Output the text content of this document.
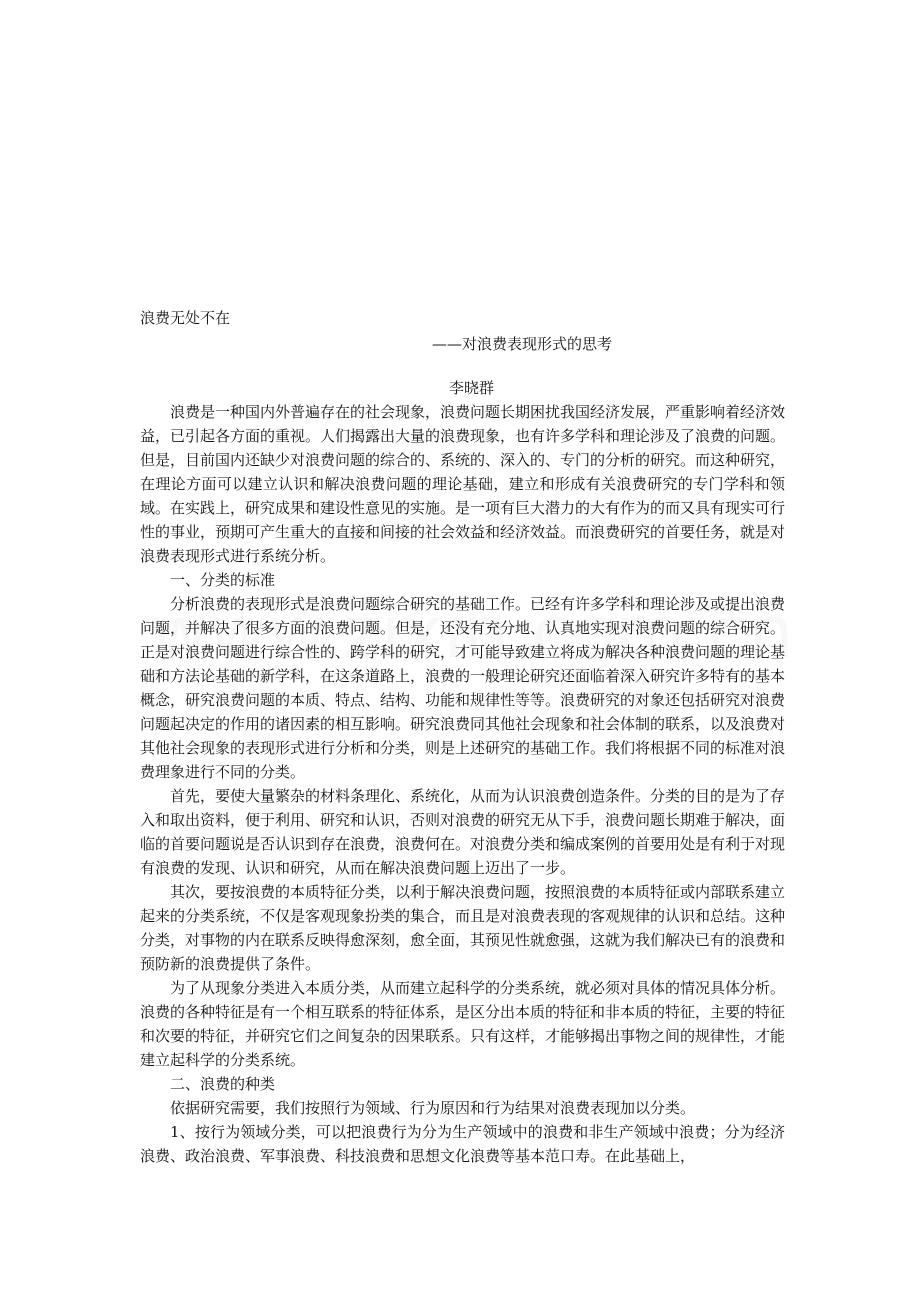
浪费无处不在

——对浪费表现形式的思考

李晓群

浪费是一种国内外普遍存在的社会现象，浪费问题长期困扰我国经济发展，严重影响着经济效益，已引起各方面的重视。人们揭露出大量的浪费现象，也有许多学科和理论涉及了浪费的问题。但是，目前国内还缺少对浪费问题的综合的、系统的、深入的、专门的分析的研究。而这种研究，在理论方面可以建立认识和解决浪费问题的理论基础，建立和形成有关浪费研究的专门学科和领域。在实践上，研究成果和建设性意见的实施。是一项有巨大潜力的大有作为的而又具有现实可行性的事业，预期可产生重大的直接和间接的社会效益和经济效益。而浪费研究的首要任务，就是对浪费表现形式进行系统分析。

一、分类的标准

分析浪费的表现形式是浪费问题综合研究的基础工作。已经有许多学科和理论涉及或提出浪费问题，并解决了很多方面的浪费问题。但是，还没有充分地、认真地实现对浪费问题的综合研究。正是对浪费问题进行综合性的、跨学科的研究，才可能导致建立将成为解决各种浪费问题的理论基础和方法论基础的新学科，在这条道路上，浪费的一般理论研究还面临着深入研究许多特有的基本概念，研究浪费问题的本质、特点、结构、功能和规律性等等。浪费研究的对象还包括研究对浪费问题起决定的作用的诸因素的相互影响。研究浪费同其他社会现象和社会体制的联系，以及浪费对其他社会现象的表现形式进行分析和分类，则是上述研究的基础工作。我们将根据不同的标准对浪费理象进行不同的分类。

首先，要使大量繁杂的材料条理化、系统化，从而为认识浪费创造条件。分类的目的是为了存入和取出资料，便于利用、研究和认识，否则对浪费的研究无从下手，浪费问题长期难于解决，面临的首要问题说是否认识到存在浪费，浪费何在。对浪费分类和编成案例的首要用处是有利于对现有浪费的发现、认识和研究，从而在解决浪费问题上迈出了一步。

其次，要按浪费的本质特征分类，以利于解决浪费问题，按照浪费的本质特征或内部联系建立起来的分类系统，不仅是客观现象扮类的集合，而且是对浪费表现的客观规律的认识和总结。这种分类，对事物的内在联系反映得愈深刻，愈全面，其预见性就愈强，这就为我们解决已有的浪费和预防新的浪费提供了条件。

为了从现象分类进入本质分类，从而建立起科学的分类系统，就必须对具体的情况具体分析。浪费的各种特征是有一个相互联系的特征体系，是区分出本质的特征和非本质的特征，主要的特征和次要的特征，并研究它们之间复杂的因果联系。只有这样，才能够揭出事物之间的规律性，才能建立起科学的分类系统。

二、浪费的种类

依据研究需要，我们按照行为领域、行为原因和行为结果对浪费表现加以分类。

1、按行为领域分类，可以把浪费行为分为生产领域中的浪费和非生产领域中浪费；分为经济浪费、政治浪费、军事浪费、科技浪费和思想文化浪费等基本范口寿。在此基础上，
